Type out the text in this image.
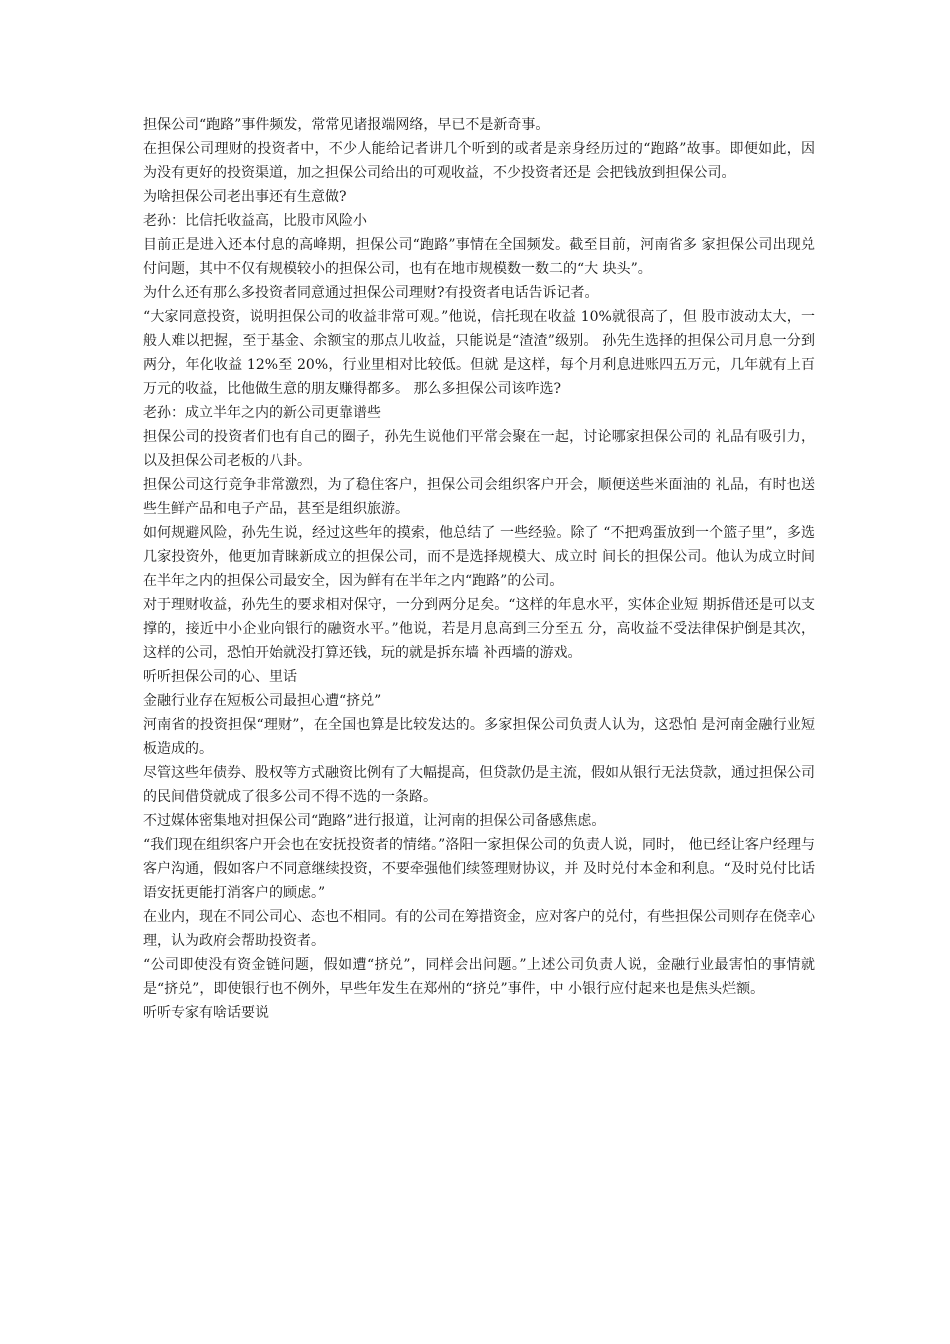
担保公司“跑路”事件频发，常常见诸报端网络，早已不是新奇事。

在担保公司理财的投资者中，不少人能给记者讲几个听到的或者是亲身经历过的“跑路”故事。即便如此，因为没有更好的投资渠道，加之担保公司给出的可观收益，不少投资者还是 会把钱放到担保公司。

为啥担保公司老出事还有生意做?

老孙：比信托收益高，比股市风险小

目前正是进入还本付息的高峰期，担保公司“跑路”事情在全国频发。截至目前，河南省多 家担保公司出现兑付问题，其中不仅有规模较小的担保公司，也有在地市规模数一数二的“大 块头”。

为什么还有那么多投资者同意通过担保公司理财?有投资者电话告诉记者。

“大家同意投资，说明担保公司的收益非常可观。”他说，信托现在收益 10%就很高了，但 股市波动太大，一般人难以把握，至于基金、余额宝的那点儿收益，只能说是“渣渣”级别。 孙先生选择的担保公司月息一分到两分，年化收益 12%至 20%，行业里相对比较低。但就 是这样，每个月利息进账四五万元，几年就有上百万元的收益，比他做生意的朋友赚得都多。 那么多担保公司该咋选?

老孙：成立半年之内的新公司更靠谱些

担保公司的投资者们也有自己的圈子，孙先生说他们平常会聚在一起，讨论哪家担保公司的 礼品有吸引力，以及担保公司老板的八卦。

担保公司这行竞争非常激烈，为了稳住客户，担保公司会组织客户开会，顺便送些米面油的 礼品，有时也送些生鲜产品和电子产品，甚至是组织旅游。

如何规避风险，孙先生说，经过这些年的摸索，他总结了 一些经验。除了 “不把鸡蛋放到一个篮子里”，多选几家投资外，他更加青睐新成立的担保公司，而不是选择规模大、成立时 间长的担保公司。他认为成立时间在半年之内的担保公司最安全，因为鲜有在半年之内“跑路”的公司。

对于理财收益，孙先生的要求相对保守，一分到两分足矣。“这样的年息水平，实体企业短 期拆借还是可以支撑的，接近中小企业向银行的融资水平。”他说，若是月息高到三分至五 分，高收益不受法律保护倒是其次，这样的公司，恐怕开始就没打算还钱，玩的就是拆东墙 补西墙的游戏。

听听担保公司的心、里话

金融行业存在短板公司最担心遭“挤兑”

河南省的投资担保“理财”，在全国也算是比较发达的。多家担保公司负责人认为，这恐怕 是河南金融行业短板造成的。

尽管这些年债券、股权等方式融资比例有了大幅提高，但贷款仍是主流，假如从银行无法贷款，通过担保公司的民间借贷就成了很多公司不得不选的一条路。

不过媒体密集地对担保公司“跑路”进行报道，让河南的担保公司备感焦虑。

“我们现在组织客户开会也在安抚投资者的情绪。”洛阳一家担保公司的负责人说，同时， 他已经让客户经理与客户沟通，假如客户不同意继续投资，不要牵强他们续签理财协议，并 及时兑付本金和利息。“及时兑付比话语安抚更能打消客户的顾虑。”

在业内，现在不同公司心、态也不相同。有的公司在筹措资金，应对客户的兑付，有些担保公司则存在侥幸心理，认为政府会帮助投资者。

“公司即使没有资金链问题，假如遭“挤兑”，同样会出问题。”上述公司负责人说，金融行业最害怕的事情就是“挤兑”，即使银行也不例外，早些年发生在郑州的“挤兑”事件，中 小银行应付起来也是焦头烂额。

听听专家有啥话要说
